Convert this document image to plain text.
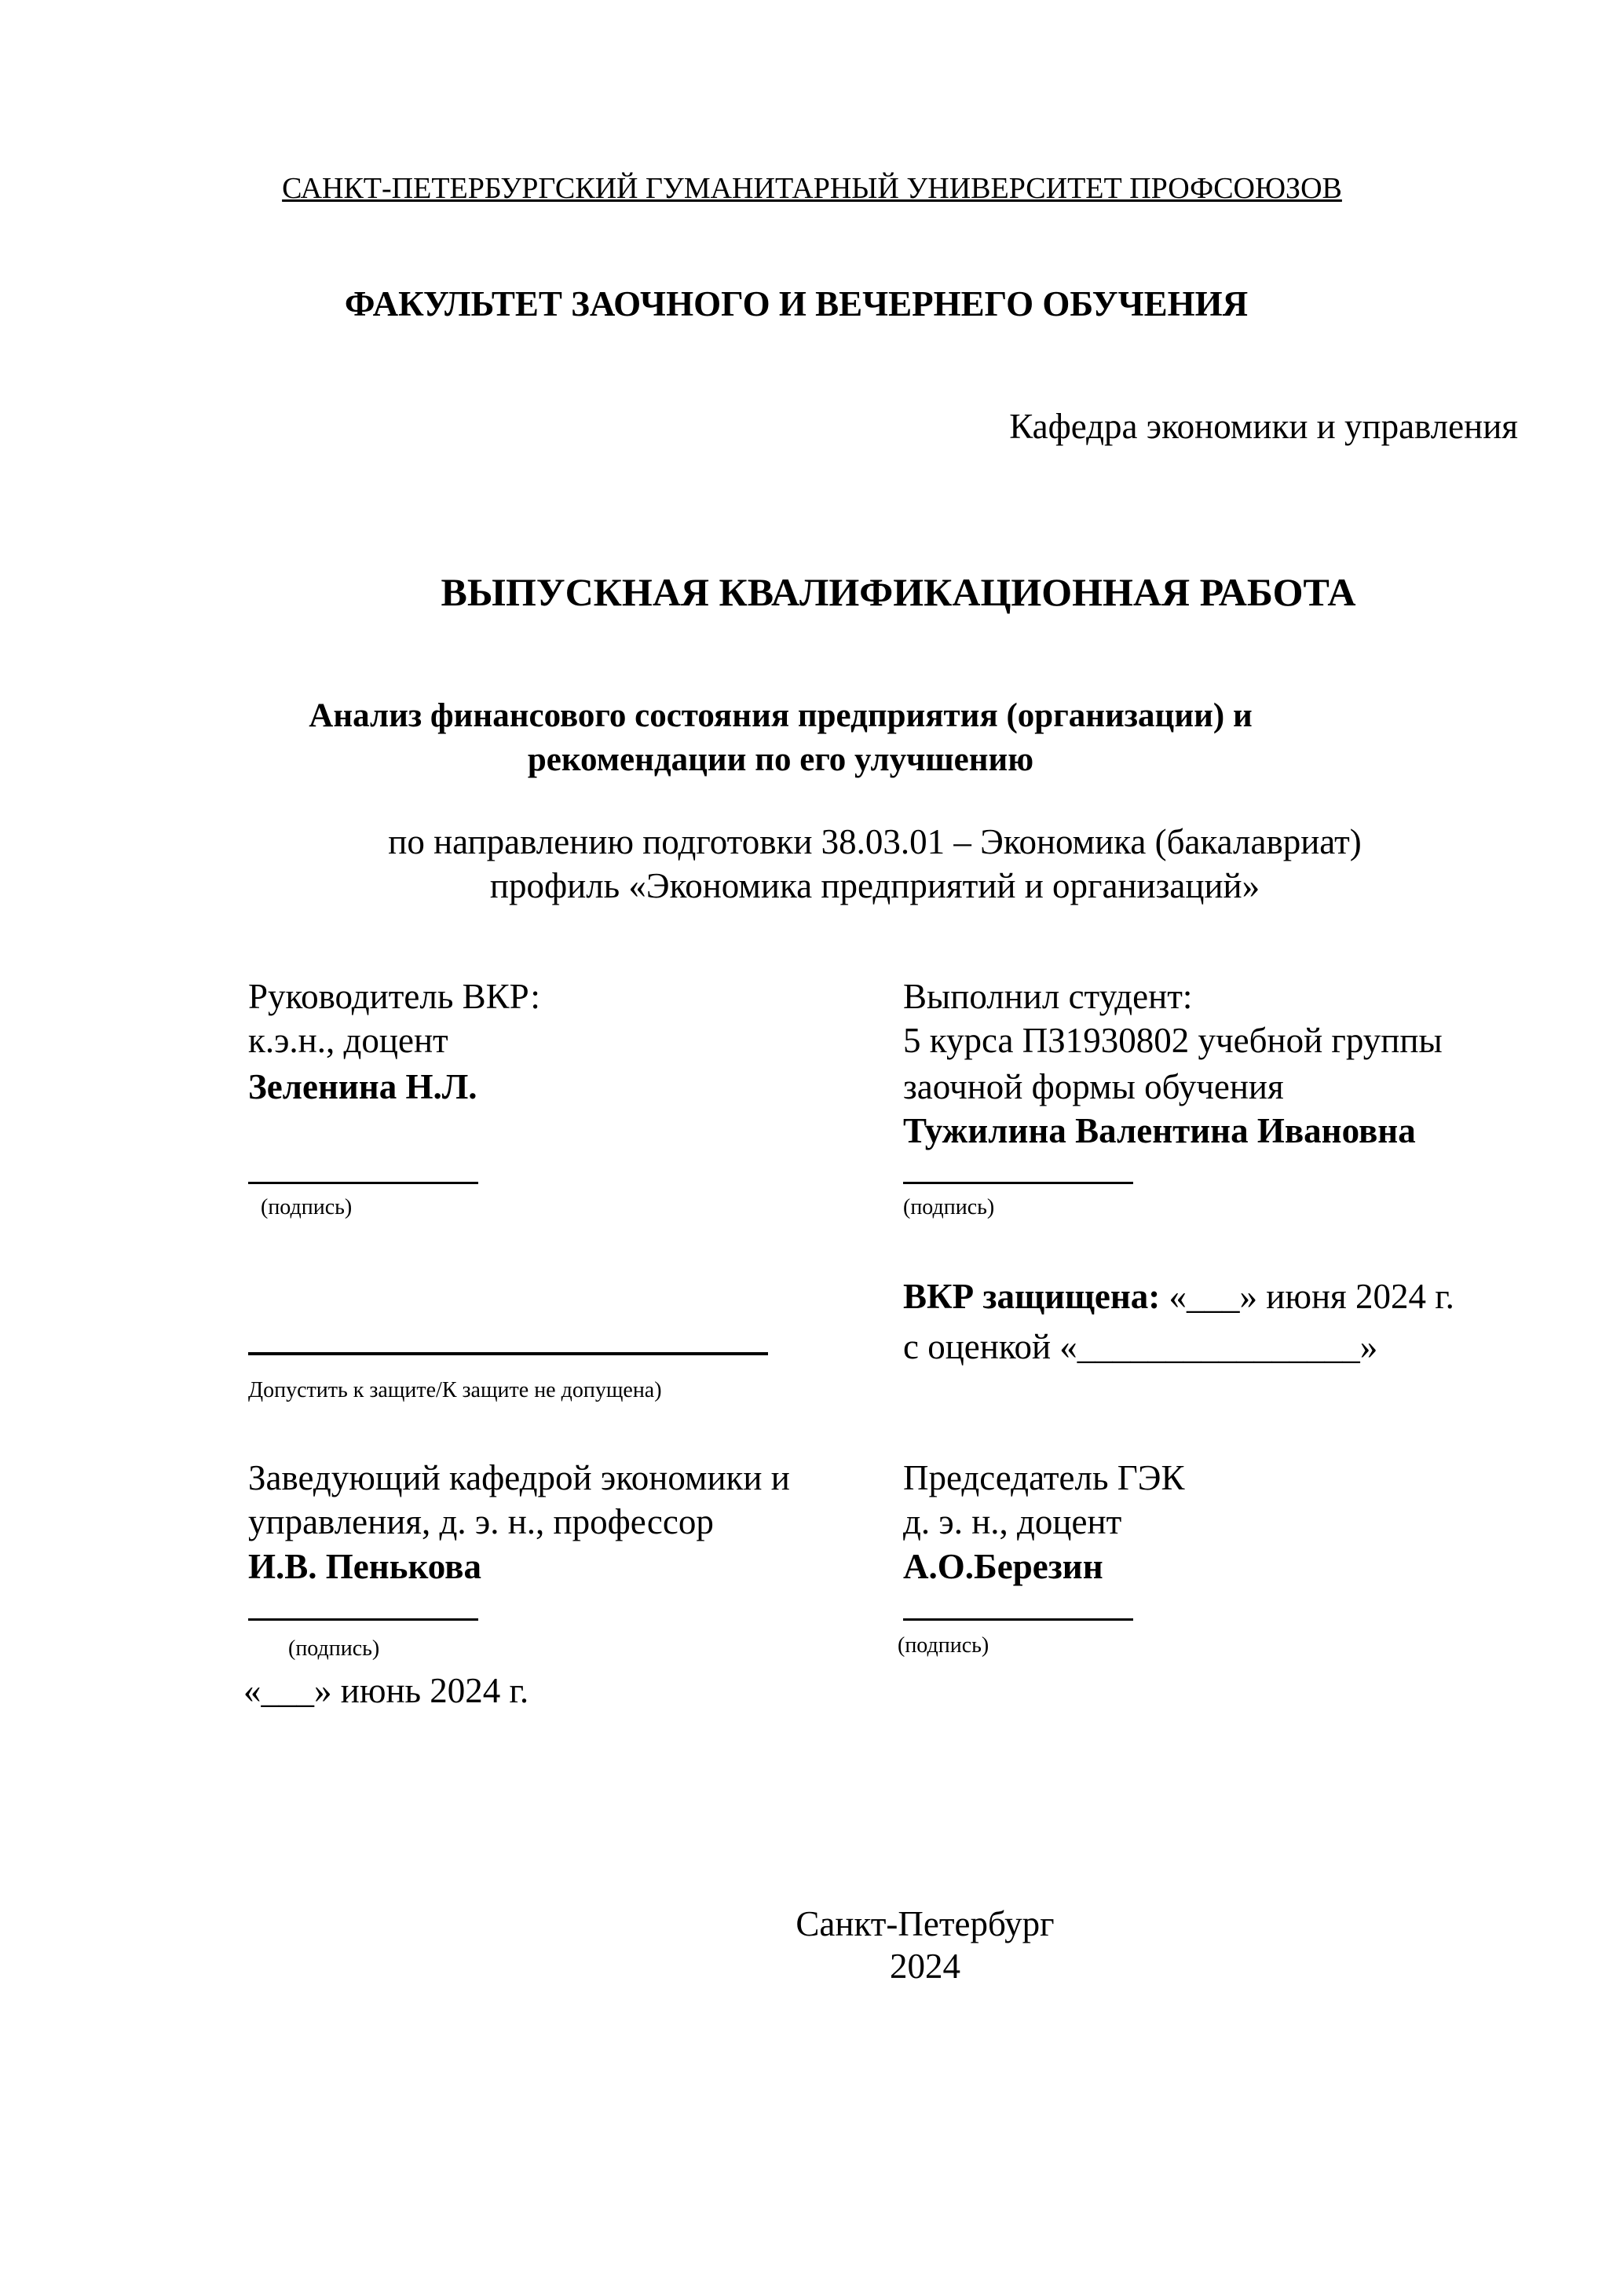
САНКТ-ПЕТЕРБУРГСКИЙ ГУМАНИТАРНЫЙ УНИВЕРСИТЕТ ПРОФСОЮЗОВ
ФАКУЛЬТЕТ ЗАОЧНОГО И ВЕЧЕРНЕГО ОБУЧЕНИЯ
Кафедра экономики и управления
ВЫПУСКНАЯ КВАЛИФИКАЦИОННАЯ РАБОТА
Анализ финансового состояния предприятия (организации) и
рекомендации по его улучшению
по направлению подготовки 38.03.01 – Экономика (бакалавриат)
профиль «Экономика предприятий и организаций»
Руководитель ВКР:
к.э.н., доцент
Зеленина Н.Л.
(подпись)
Выполнил студент:
5 курса ПЗ1930802 учебной группы
заочной формы обучения
Тужилина Валентина Ивановна
(подпись)
Допустить к защите/К защите не допущена)
ВКР защищена: «___» июня 2024 г.
с оценкой «________________»
Заведующий кафедрой экономики и
управления, д. э. н., профессор
И.В. Пенькова
(подпись)
«___» июнь 2024 г.
Председатель ГЭК
д. э. н., доцент
А.О.Березин
(подпись)
Санкт-Петербург
2024
